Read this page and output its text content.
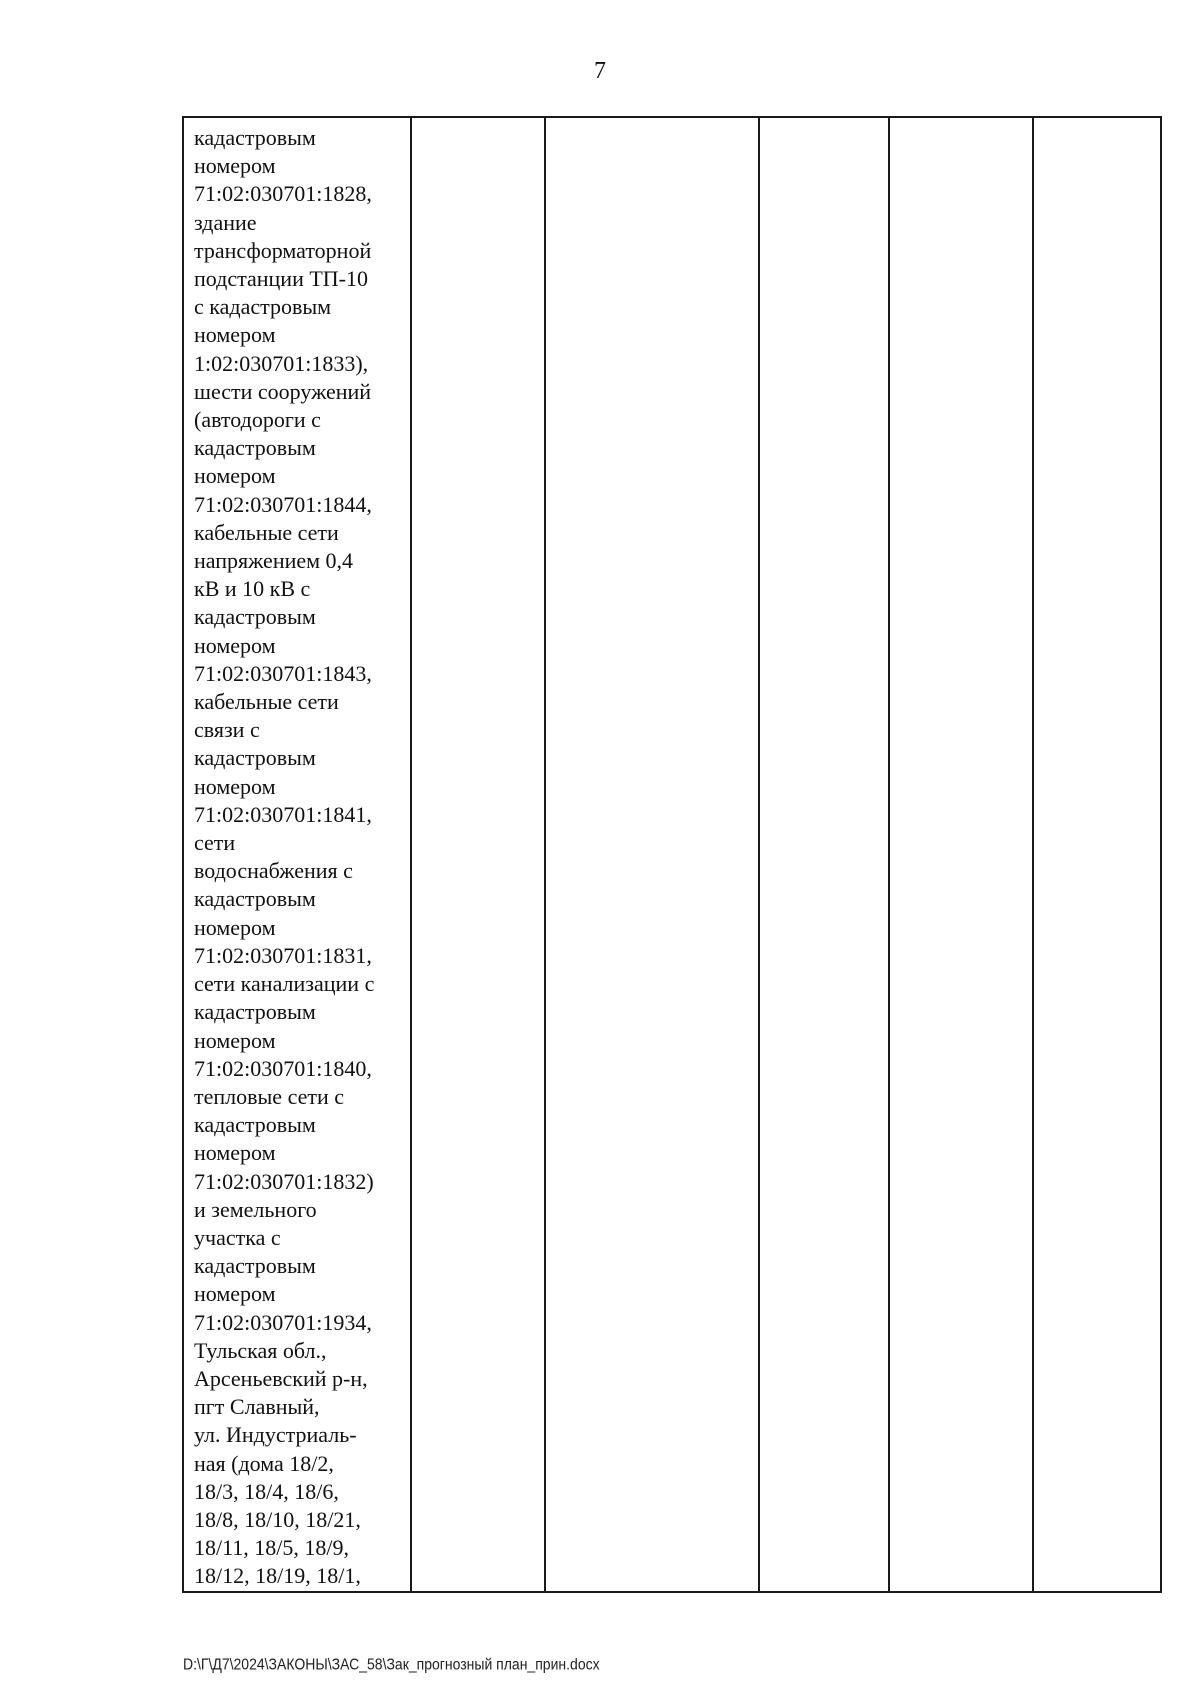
7
кадастровым
номером
71:02:030701:1828,
здание
трансформаторной
подстанции ТП-10
с кадастровым
номером
1:02:030701:1833),
шести сооружений
(автодороги с
кадастровым
номером
71:02:030701:1844,
кабельные сети
напряжением 0,4
кВ и 10 кВ с
кадастровым
номером
71:02:030701:1843,
кабельные сети
связи с
кадастровым
номером
71:02:030701:1841,
сети
водоснабжения с
кадастровым
номером
71:02:030701:1831,
сети канализации с
кадастровым
номером
71:02:030701:1840,
тепловые сети с
кадастровым
номером
71:02:030701:1832)
и земельного
участка с
кадастровым
номером
71:02:030701:1934,
Тульская обл.,
Арсеньевский р-н,
пгт Славный,
ул. Индустриаль-
ная (дома 18/2,
18/3, 18/4, 18/6,
18/8, 18/10, 18/21,
18/11, 18/5, 18/9,
18/12, 18/19, 18/1,

D:\Г\Д7\2024\ЗАКОНЫ\ЗАС_58\Зак_прогнозный план_прин.docx
